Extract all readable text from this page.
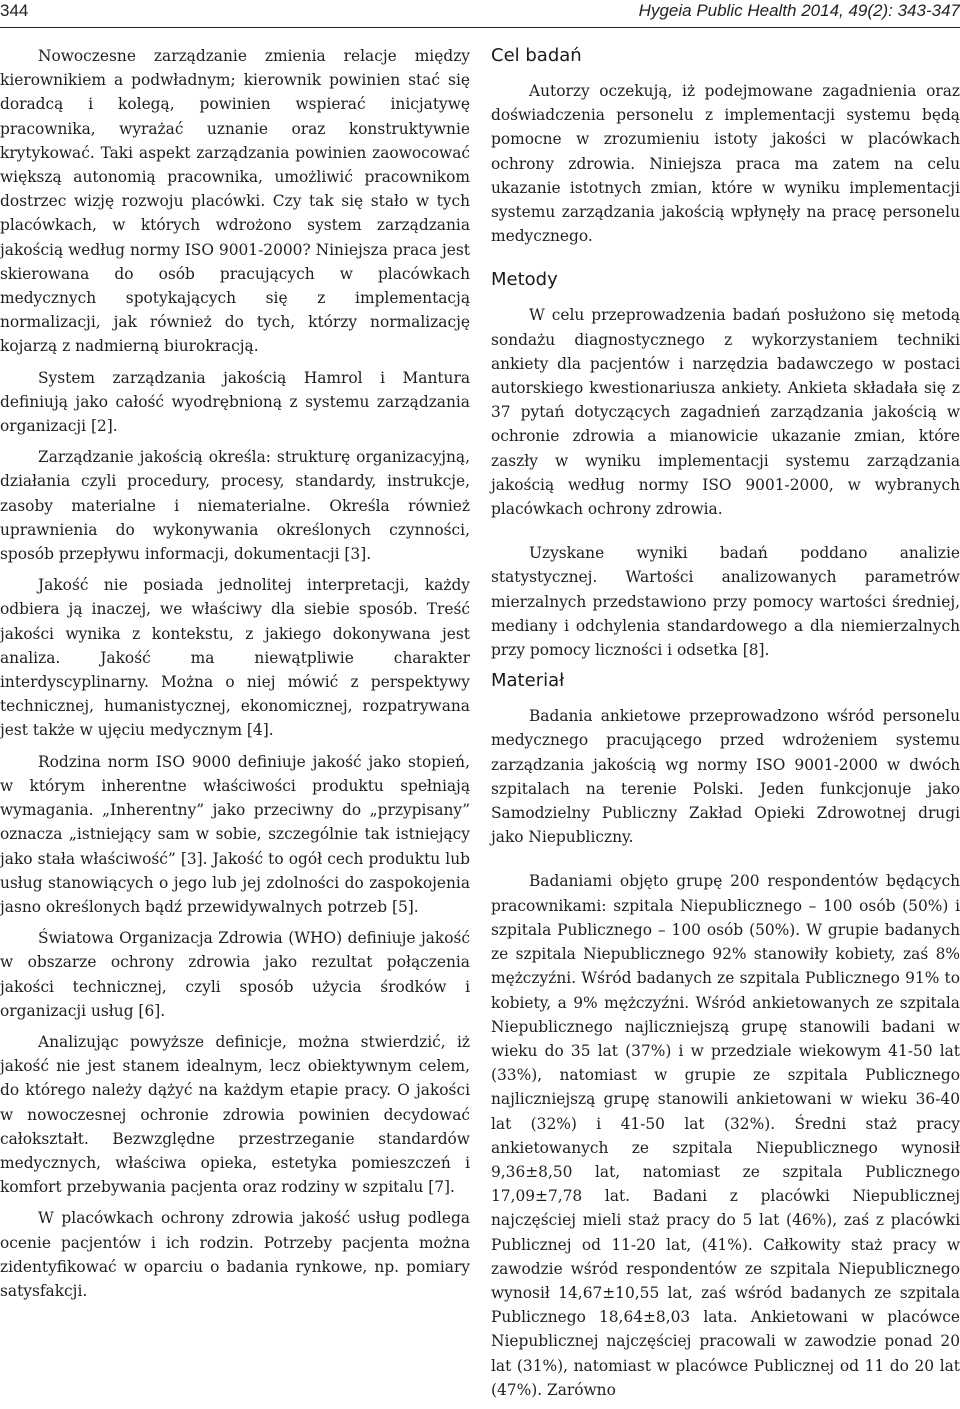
344	Hygeia Public Health 2014, 49(2): 343-347

Nowoczesne zarządzanie zmienia relacje między kierownikiem a podwładnym; kierownik powinien stać się doradcą i kolegą, powinien wspierać inicjatywę pracownika, wyrażać uznanie oraz konstruktywnie krytykować. Taki aspekt zarządzania powinien zaowocować większą autonomią pracownika, umożliwić pracownikom dostrzec wizję rozwoju placówki. Czy tak się stało w tych placówkach, w których wdrożono system zarządzania jakością według normy ISO 9001-2000? Niniejsza praca jest skierowana do osób pracujących w placówkach medycznych spotykających się z implementacją normalizacji, jak również do tych, którzy normalizację kojarzą z nadmierną biurokracją.

System zarządzania jakością Hamrol i Mantura definiują jako całość wyodrębnioną z systemu zarządzania organizacji [2].

Zarządzanie jakością określa: strukturę organizacyjną, działania czyli procedury, procesy, standardy, instrukcje, zasoby materialne i niematerialne. Określa również uprawnienia do wykonywania określonych czynności, sposób przepływu informacji, dokumentacji [3].

Jakość nie posiada jednolitej interpretacji, każdy odbiera ją inaczej, we właściwy dla siebie sposób. Treść jakości wynika z kontekstu, z jakiego dokonywana jest analiza. Jakość ma niewątpliwie charakter interdyscyplinarny. Można o niej mówić z perspektywy technicznej, humanistycznej, ekonomicznej, rozpatrywana jest także w ujęciu medycznym [4].

Rodzina norm ISO 9000 definiuje jakość jako stopień, w którym inherentne właściwości produktu spełniają wymagania. „Inherentny” jako przeciwny do „przypisany” oznacza „istniejący sam w sobie, szczególnie tak istniejący jako stała właściwość” [3]. Jakość to ogół cech produktu lub usług stanowiących o jego lub jej zdolności do zaspokojenia jasno określonych bądź przewidywalnych potrzeb [5].

Światowa Organizacja Zdrowia (WHO) definiuje jakość w obszarze ochrony zdrowia jako rezultat połączenia jakości technicznej, czyli sposób użycia środków i organizacji usług [6].

Analizując powyższe definicje, można stwierdzić, iż jakość nie jest stanem idealnym, lecz obiektywnym celem, do którego należy dążyć na każdym etapie pracy. O jakości w nowoczesnej ochronie zdrowia powinien decydować całokształt. Bezwzględne przestrzeganie standardów medycznych, właściwa opieka, estetyka pomieszczeń i komfort przebywania pacjenta oraz rodziny w szpitalu [7].

W placówkach ochrony zdrowia jakość usług podlega ocenie pacjentów i ich rodzin. Potrzeby pacjenta można zidentyfikować w oparciu o badania rynkowe, np. pomiary satysfakcji.

Cel badań

Autorzy oczekują, iż podejmowane zagadnienia oraz doświadczenia personelu z implementacji systemu będą pomocne w zrozumieniu istoty jakości w placówkach ochrony zdrowia. Niniejsza praca ma zatem na celu ukazanie istotnych zmian, które w wyniku implementacji systemu zarządzania jakością wpłynęły na pracę personelu medycznego.

Metody

W celu przeprowadzenia badań posłużono się metodą sondażu diagnostycznego z wykorzystaniem techniki ankiety dla pacjentów i narzędzia badawczego w postaci autorskiego kwestionariusza ankiety. Ankieta składała się z 37 pytań dotyczących zagadnień zarządzania jakością w ochronie zdrowia a mianowicie ukazanie zmian, które zaszły w wyniku implementacji systemu zarządzania jakością według normy ISO 9001-2000, w wybranych placówkach ochrony zdrowia.

Uzyskane wyniki badań poddano analizie statystycznej. Wartości analizowanych parametrów mierzalnych przedstawiono przy pomocy wartości średniej, mediany i odchylenia standardowego a dla niemierzalnych przy pomocy liczności i odsetka [8].

Materiał

Badania ankietowe przeprowadzono wśród personelu medycznego pracującego przed wdrożeniem systemu zarządzania jakością wg normy ISO 9001-2000 w dwóch szpitalach na terenie Polski. Jeden funkcjonuje jako Samodzielny Publiczny Zakład Opieki Zdrowotnej drugi jako Niepubliczny.

Badaniami objęto grupę 200 respondentów będących pracownikami: szpitala Niepublicznego – 100 osób (50%) i szpitala Publicznego – 100 osób (50%). W grupie badanych ze szpitala Niepublicznego 92% stanowiły kobiety, zaś 8% mężczyźni. Wśród badanych ze szpitala Publicznego 91% to kobiety, a 9% mężczyźni. Wśród ankietowanych ze szpitala Niepublicznego najliczniejszą grupę stanowili badani w wieku do 35 lat (37%) i w przedziale wiekowym 41-50 lat (33%), natomiast w grupie ze szpitala Publicznego najliczniejszą grupę stanowili ankietowani w wieku 36-40 lat (32%) i 41-50 lat (32%). Średni staż pracy ankietowanych ze szpitala Niepublicznego wynosił 9,36±8,50 lat, natomiast ze szpitala Publicznego 17,09±7,78 lat. Badani z placówki Niepublicznej najczęściej mieli staż pracy do 5 lat (46%), zaś z placówki Publicznej od 11-20 lat, (41%). Całkowity staż pracy w zawodzie wśród respondentów ze szpitala Niepublicznego wynosił 14,67±10,55 lat, zaś wśród badanych ze szpitala Publicznego 18,64±8,03 lata. Ankietowani w placówce Niepublicznej najczęściej pracowali w zawodzie ponad 20 lat (31%), natomiast w placówce Publicznej od 11 do 20 lat (47%). Zarówno
